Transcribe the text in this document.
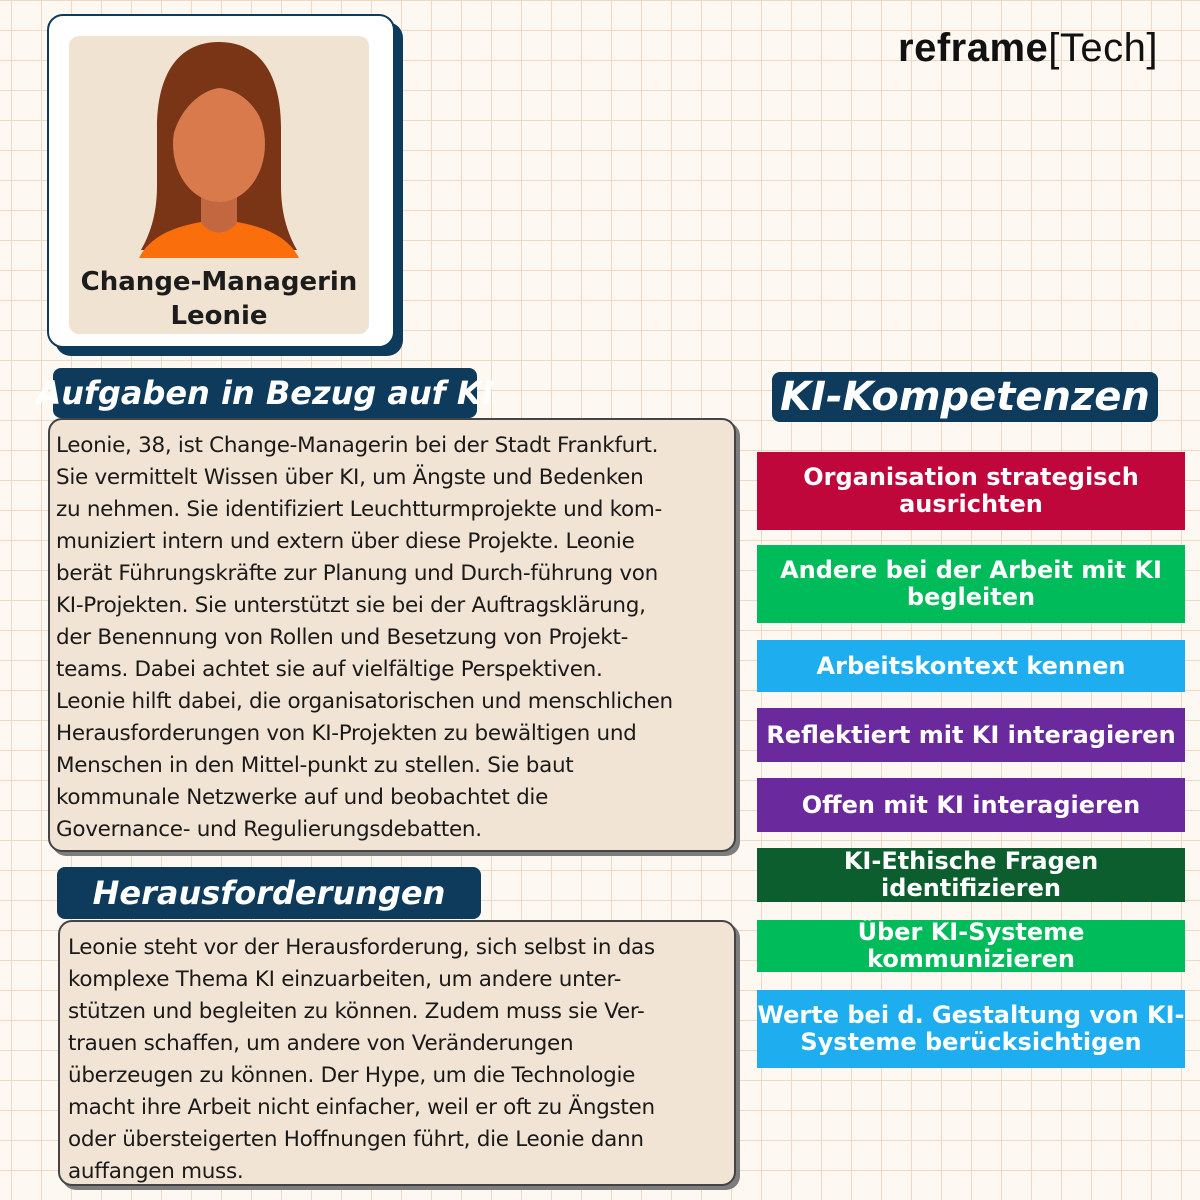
reframe[Tech]
Change-Managerin
Leonie
Aufgaben in Bezug auf KI

Leonie, 38, ist Change-Managerin bei der Stadt Frankfurt.
Sie vermittelt Wissen über KI, um Ängste und Bedenken
zu nehmen. Sie identifiziert Leuchtturmprojekte und kom-
muniziert intern und extern über diese Projekte. Leonie
berät Führungskräfte zur Planung und Durch-führung von
KI-Projekten. Sie unterstützt sie bei der Auftragsklärung,
der Benennung von Rollen und Besetzung von Projekt-
teams. Dabei achtet sie auf vielfältige Perspektiven.
Leonie hilft dabei, die organisatorischen und menschlichen
Herausforderungen von KI-Projekten zu bewältigen und
Menschen in den Mittel-punkt zu stellen. Sie baut
kommunale Netzwerke auf und beobachtet die
Governance- und Regulierungsdebatten.

Herausforderungen

Leonie steht vor der Herausforderung, sich selbst in das
komplexe Thema KI einzuarbeiten, um andere unter-
stützen und begleiten zu können. Zudem muss sie Ver-
trauen schaffen, um andere von Veränderungen
überzeugen zu können. Der Hype, um die Technologie
macht ihre Arbeit nicht einfacher, weil er oft zu Ängsten
oder übersteigerten Hoffnungen führt, die Leonie dann
auffangen muss.

KI-Kompetenzen
Organisation strategisch
ausrichten
Andere bei der Arbeit mit KI
begleiten
Arbeitskontext kennen
Reflektiert mit KI interagieren
Offen mit KI interagieren
KI-Ethische Fragen identifizieren
Über KI-Systeme kommunizieren
Werte bei d. Gestaltung von KI-
Systeme berücksichtigen
